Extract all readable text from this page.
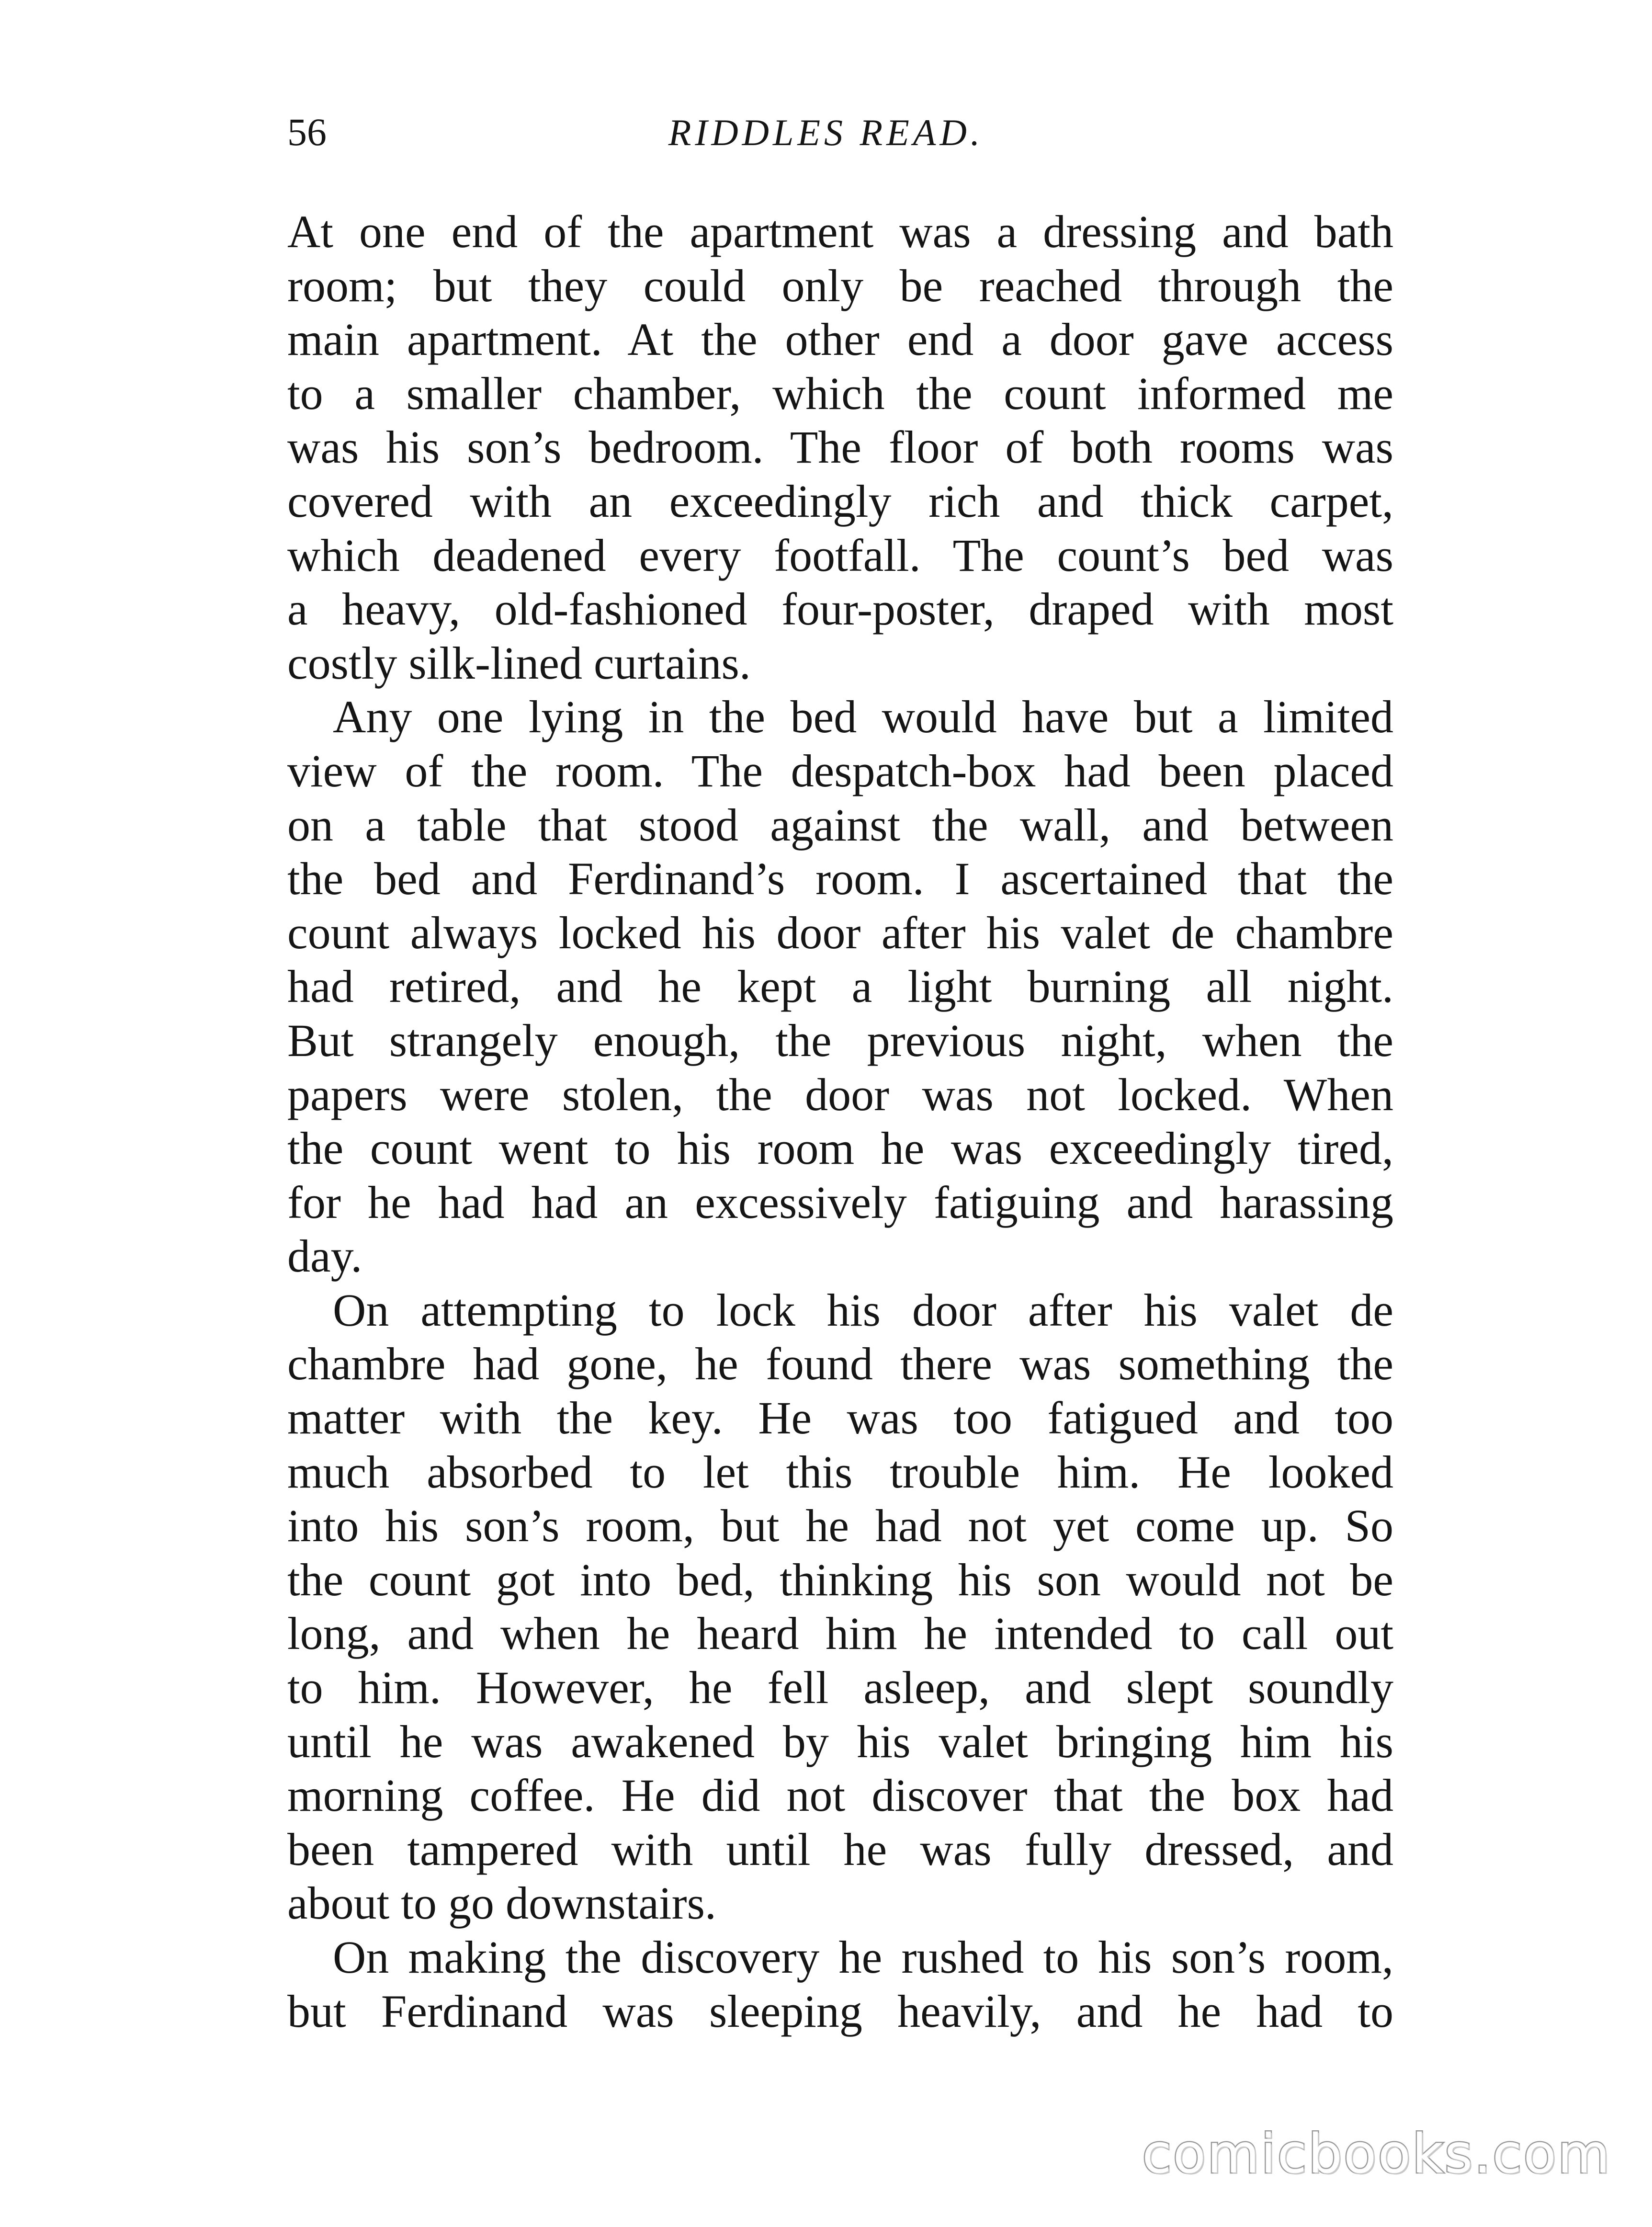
56	RIDDLES READ.
At one end of the apartment was a dressing and bath
room; but they could only be reached through the
main apartment. At the other end a door gave access
to a smaller chamber, which the count informed me
was his son’s bedroom. The floor of both rooms was
covered with an exceedingly rich and thick carpet,
which deadened every footfall. The count’s bed was
a heavy, old-fashioned four-poster, draped with most
costly silk-lined curtains.
Any one lying in the bed would have but a limited
view of the room. The despatch-box had been placed
on a table that stood against the wall, and between
the bed and Ferdinand’s room. I ascertained that the
count always locked his door after his valet de chambre
had retired, and he kept a light burning all night.
But strangely enough, the previous night, when the
papers were stolen, the door was not locked. When
the count went to his room he was exceedingly tired,
for he had had an excessively fatiguing and harassing
day.
On attempting to lock his door after his valet de
chambre had gone, he found there was something the
matter with the key. He was too fatigued and too
much absorbed to let this trouble him. He looked
into his son’s room, but he had not yet come up. So
the count got into bed, thinking his son would not be
long, and when he heard him he intended to call out
to him. However, he fell asleep, and slept soundly
until he was awakened by his valet bringing him his
morning coffee. He did not discover that the box had
been tampered with until he was fully dressed, and
about to go downstairs.
On making the discovery he rushed to his son’s room,
but Ferdinand was sleeping heavily, and he had to
comicbooks.com
